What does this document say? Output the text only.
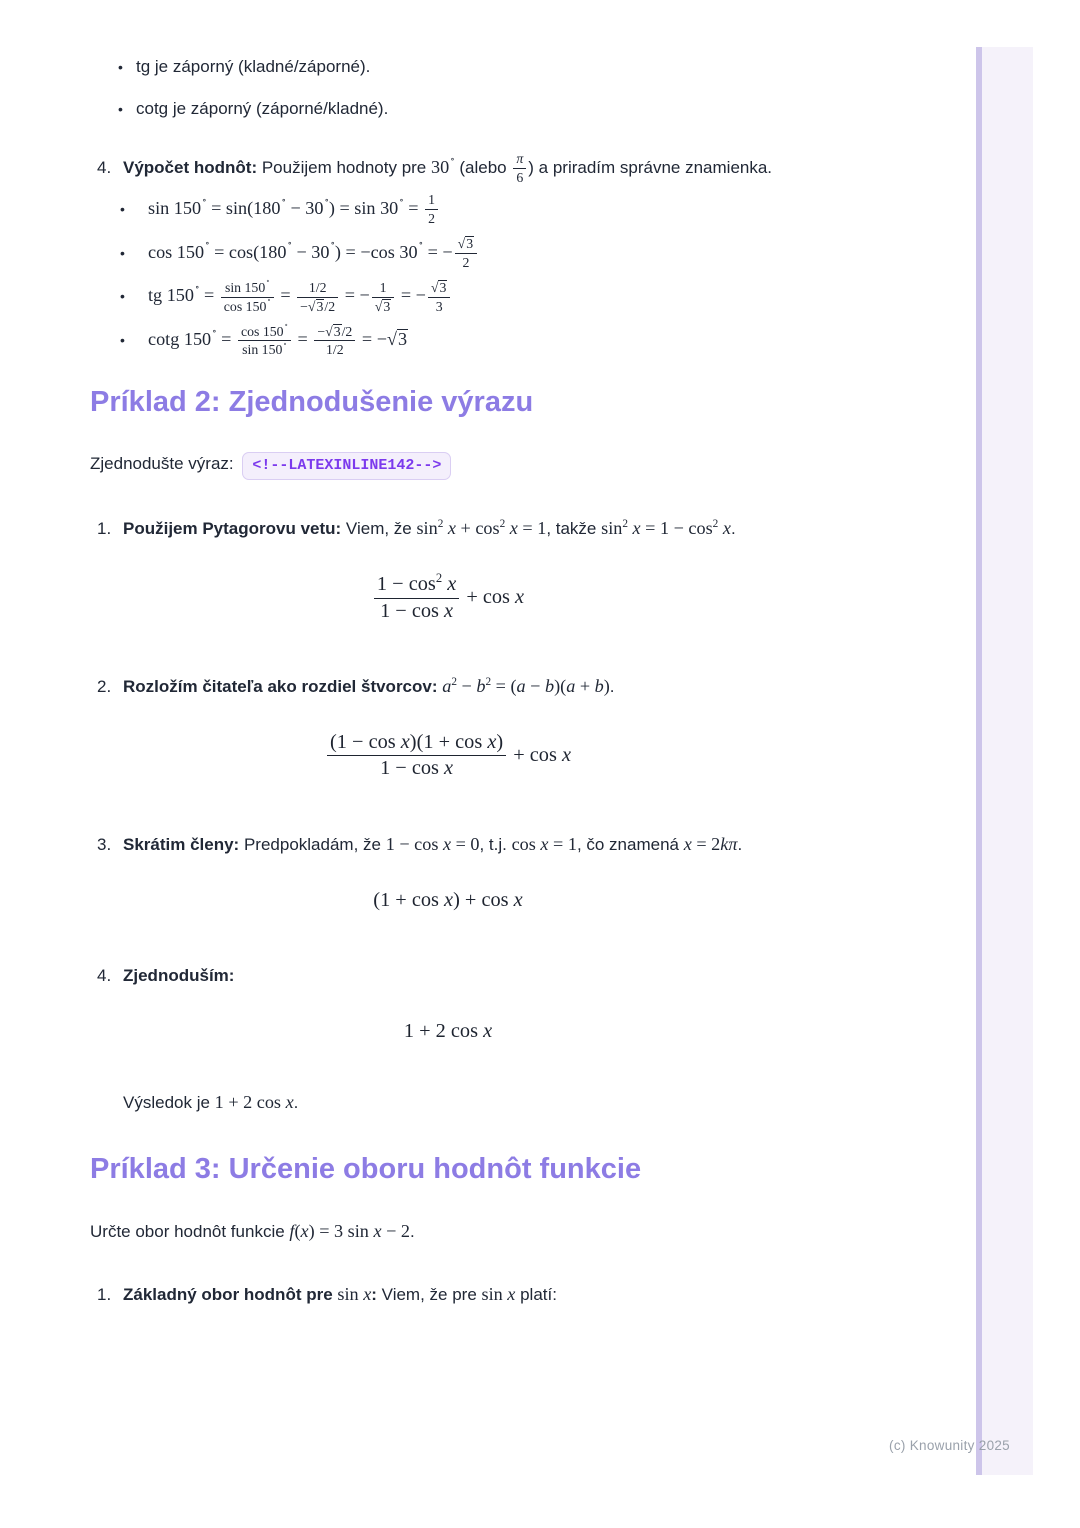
• tg je záporný (kladné/záporné).
• cotg je záporný (záporné/kladné).
4. Výpočet hodnôt: Použijem hodnoty pre 30∘ (alebo $\frac{\pi}{6}$ ) a priradím správne znamienka.
•	$\sin 150^\circ = \sin(180^\circ - 30^\circ) = \sin 30^\circ = \frac{1}{2}$
•	cos 150∘ = cos(180∘ − 30∘) = −cos 30∘ = − $\frac{√3}{2}$
•	tg $150^\circ = \frac{\sin 150^\circ}{\cos 150^\circ} = \frac{1/2}{-√3/2}$ = − $\frac{1}{√3}$ = − $\frac{√3}{3}$
•	cotg $150^\circ = \frac{\cos 150^\circ}{\sin 150^\circ} = \frac{-√3/2}{1/2} = -√3$
Príklad 2: Zjednodušenie výrazu

Zjednodušte výraz: <!--LATEXINLINE142-->

1. Použijem Pytagorovu vetu: Viem, že $\sin^2 x + \cos^2 x = 1$, takže $\sin^2 x = 1 - \cos^2 x$.
$\frac{1 - \cos^2 x}{\text{1 − cos x}} + \cos x$
2. Rozložím čitateľa ako rozdiel štvorcov: $a^2 - b^2 = (a - b)(a + b)$.
$\frac{\text{(1 − cos x)(1 + cos x)}}{\text{1 − cos x}} + \cos x$
3. Skrátim členy: Predpokladám, že 1 − cos x = 0, t.j. cos x = 1, čo znamená x = 2kπ.
(1 + cos x) + cos x
4. Zjednoduším:
1 + 2 cos x

Výsledok je 1 + 2 cos x.

Príklad 3: Určenie oboru hodnôt funkcie

Určte obor hodnôt funkcie f(x) = 3 sin x − 2.

1. Základný obor hodnôt pre sin x: Viem, že pre sin x platí:
(c) Knowunity 2025
